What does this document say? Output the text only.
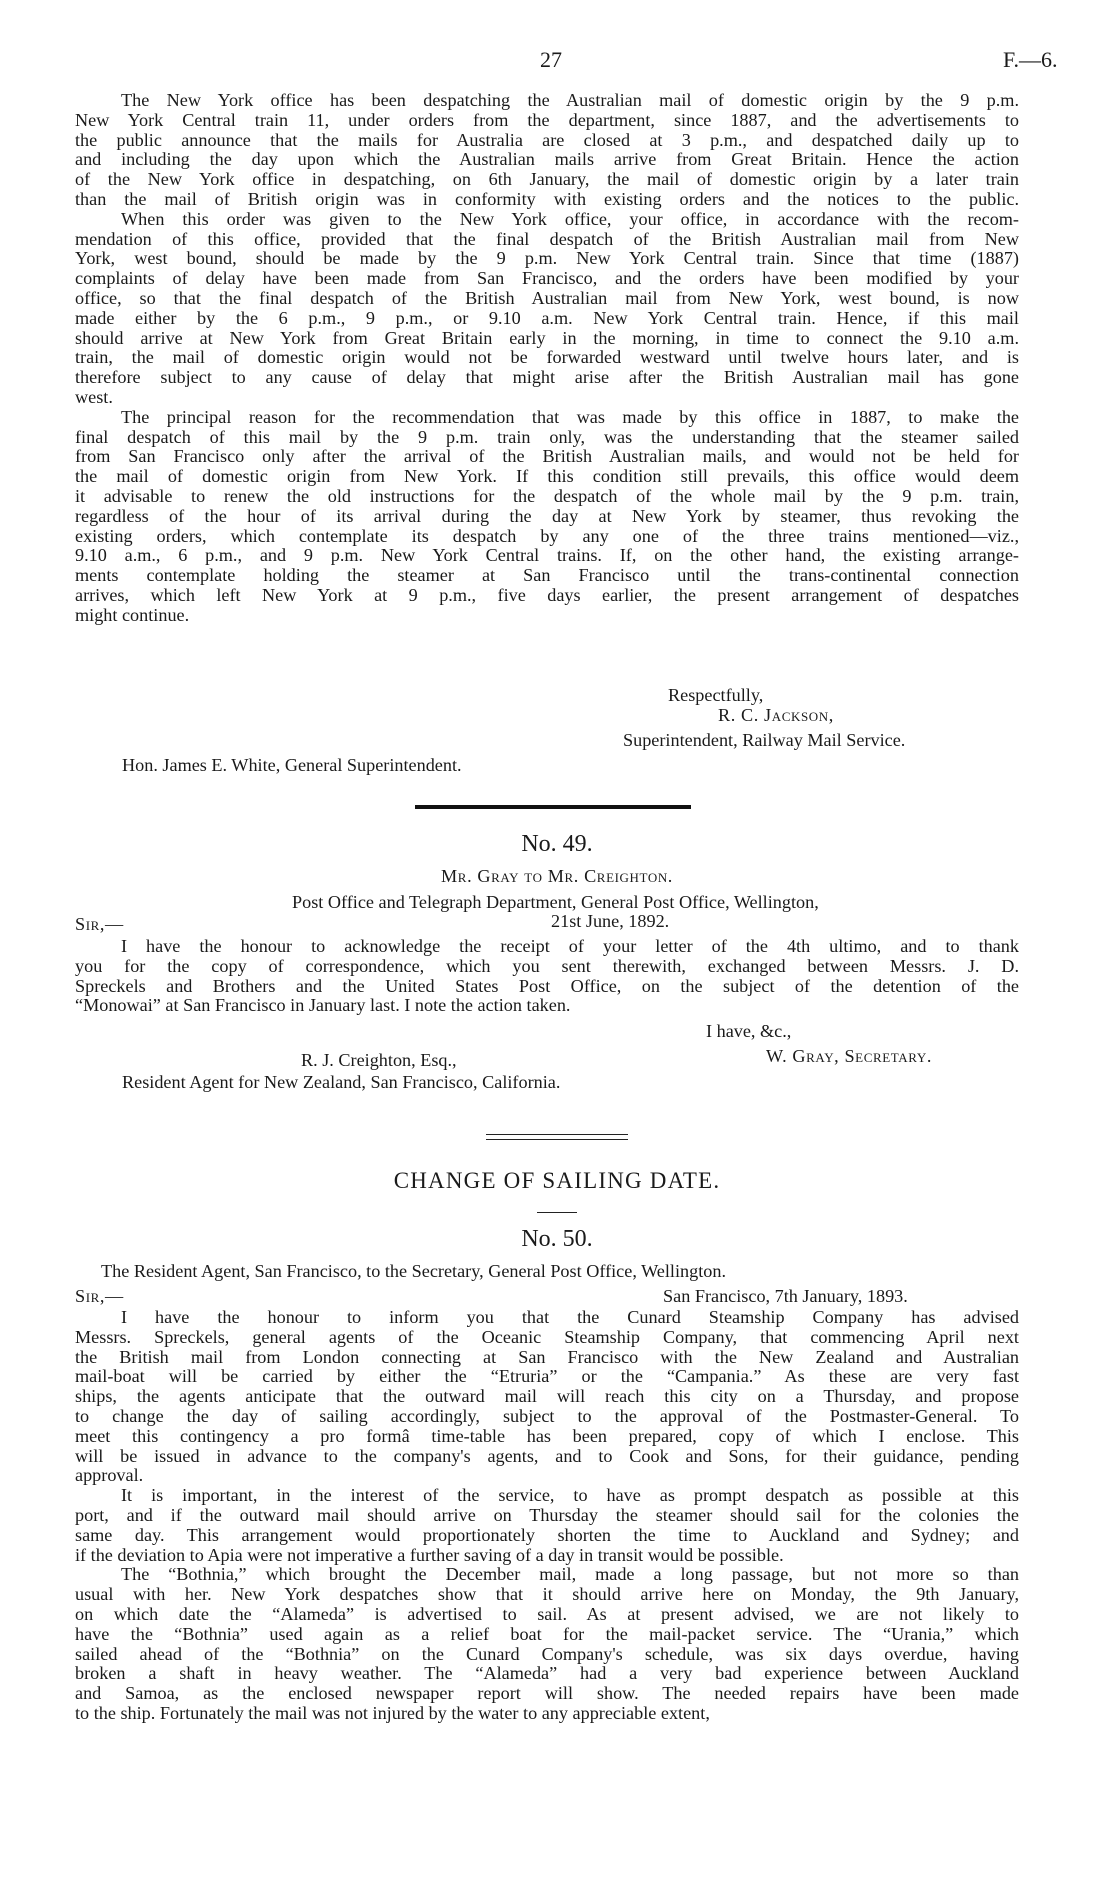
27	F.—6.
The New York office has been despatching the Australian mail of domestic origin by the 9 p.m.
New York Central train 11, under orders from the department, since 1887, and the advertisements to
the public announce that the mails for Australia are closed at 3 p.m., and despatched daily up to
and including the day upon which the Australian mails arrive from Great Britain. Hence the action
of the New York office in despatching, on 6th January, the mail of domestic origin by a later train
than the mail of British origin was in conformity with existing orders and the notices to the public.
When this order was given to the New York office, your office, in accordance with the recom-
mendation of this office, provided that the final despatch of the British Australian mail from New
York, west bound, should be made by the 9 p.m. New York Central train. Since that time (1887)
complaints of delay have been made from San Francisco, and the orders have been modified by your
office, so that the final despatch of the British Australian mail from New York, west bound, is now
made either by the 6 p.m., 9 p.m., or 9.10 a.m. New York Central train. Hence, if this mail
should arrive at New York from Great Britain early in the morning, in time to connect the 9.10 a.m.
train, the mail of domestic origin would not be forwarded westward until twelve hours later, and is
therefore subject to any cause of delay that might arise after the British Australian mail has gone
west.
The principal reason for the recommendation that was made by this office in 1887, to make the
final despatch of this mail by the 9 p.m. train only, was the understanding that the steamer sailed
from San Francisco only after the arrival of the British Australian mails, and would not be held for
the mail of domestic origin from New York. If this condition still prevails, this office would deem
it advisable to renew the old instructions for the despatch of the whole mail by the 9 p.m. train,
regardless of the hour of its arrival during the day at New York by steamer, thus revoking the
existing orders, which contemplate its despatch by any one of the three trains mentioned—viz.,
9.10 a.m., 6 p.m., and 9 p.m. New York Central trains. If, on the other hand, the existing arrange-
ments contemplate holding the steamer at San Francisco until the trans-continental connection
arrives, which left New York at 9 p.m., five days earlier, the present arrangement of despatches
might continue.
Respectfully,
R. C. Jackson,
Superintendent, Railway Mail Service.
Hon. James E. White, General Superintendent.
No. 49.
Mr. Gray to Mr. Creighton.
Post Office and Telegraph Department, General Post Office, Wellington,
21st June, 1892.
Sir,—
I have the honour to acknowledge the receipt of your letter of the 4th ultimo, and to thank
you for the copy of correspondence, which you sent therewith, exchanged between Messrs. J. D.
Spreckels and Brothers and the United States Post Office, on the subject of the detention of the
“Monowai” at San Francisco in January last. I note the action taken.
I have, &c.,
W. Gray, Secretary.
R. J. Creighton, Esq.,
Resident Agent for New Zealand, San Francisco, California.
CHANGE OF SAILING DATE.
No. 50.
The Resident Agent, San Francisco, to the Secretary, General Post Office, Wellington.
Sir,—	San Francisco, 7th January, 1893.
I have the honour to inform you that the Cunard Steamship Company has advised
Messrs. Spreckels, general agents of the Oceanic Steamship Company, that commencing April next
the British mail from London connecting at San Francisco with the New Zealand and Australian
mail-boat will be carried by either the “Etruria” or the “Campania.” As these are very fast
ships, the agents anticipate that the outward mail will reach this city on a Thursday, and propose
to change the day of sailing accordingly, subject to the approval of the Postmaster-General. To
meet this contingency a pro formâ time-table has been prepared, copy of which I enclose. This
will be issued in advance to the company's agents, and to Cook and Sons, for their guidance, pending
approval.
It is important, in the interest of the service, to have as prompt despatch as possible at this
port, and if the outward mail should arrive on Thursday the steamer should sail for the colonies the
same day. This arrangement would proportionately shorten the time to Auckland and Sydney; and
if the deviation to Apia were not imperative a further saving of a day in transit would be possible.
The “Bothnia,” which brought the December mail, made a long passage, but not more so than
usual with her. New York despatches show that it should arrive here on Monday, the 9th January,
on which date the “Alameda” is advertised to sail. As at present advised, we are not likely to
have the “Bothnia” used again as a relief boat for the mail-packet service. The “Urania,” which
sailed ahead of the “Bothnia” on the Cunard Company's schedule, was six days overdue, having
broken a shaft in heavy weather. The “Alameda” had a very bad experience between Auckland
and Samoa, as the enclosed newspaper report will show. The needed repairs have been made
to the ship. Fortunately the mail was not injured by the water to any appreciable extent,
